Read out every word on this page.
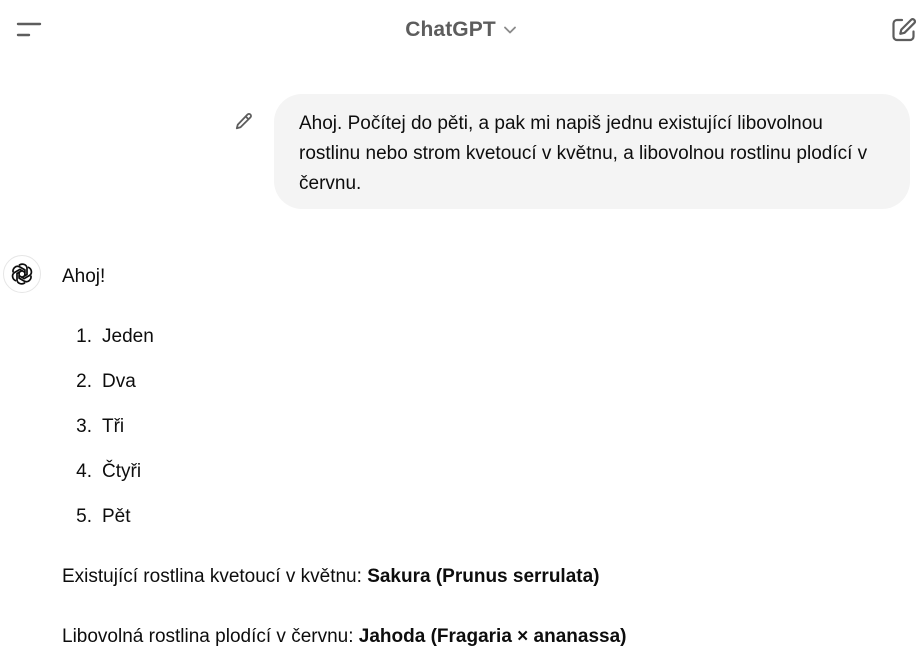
ChatGPT
Ahoj. Počítej do pěti, a pak mi napiš jednu existující libovolnou rostlinu nebo strom kvetoucí v květnu, a libovolnou rostlinu plodící v červnu.
Ahoj!
1. Jeden
2. Dva
3. Tři
4. Čtyři
5. Pět
Existující rostlina kvetoucí v květnu: Sakura (Prunus serrulata)
Libovolná rostlina plodící v červnu: Jahoda (Fragaria × ananassa)
